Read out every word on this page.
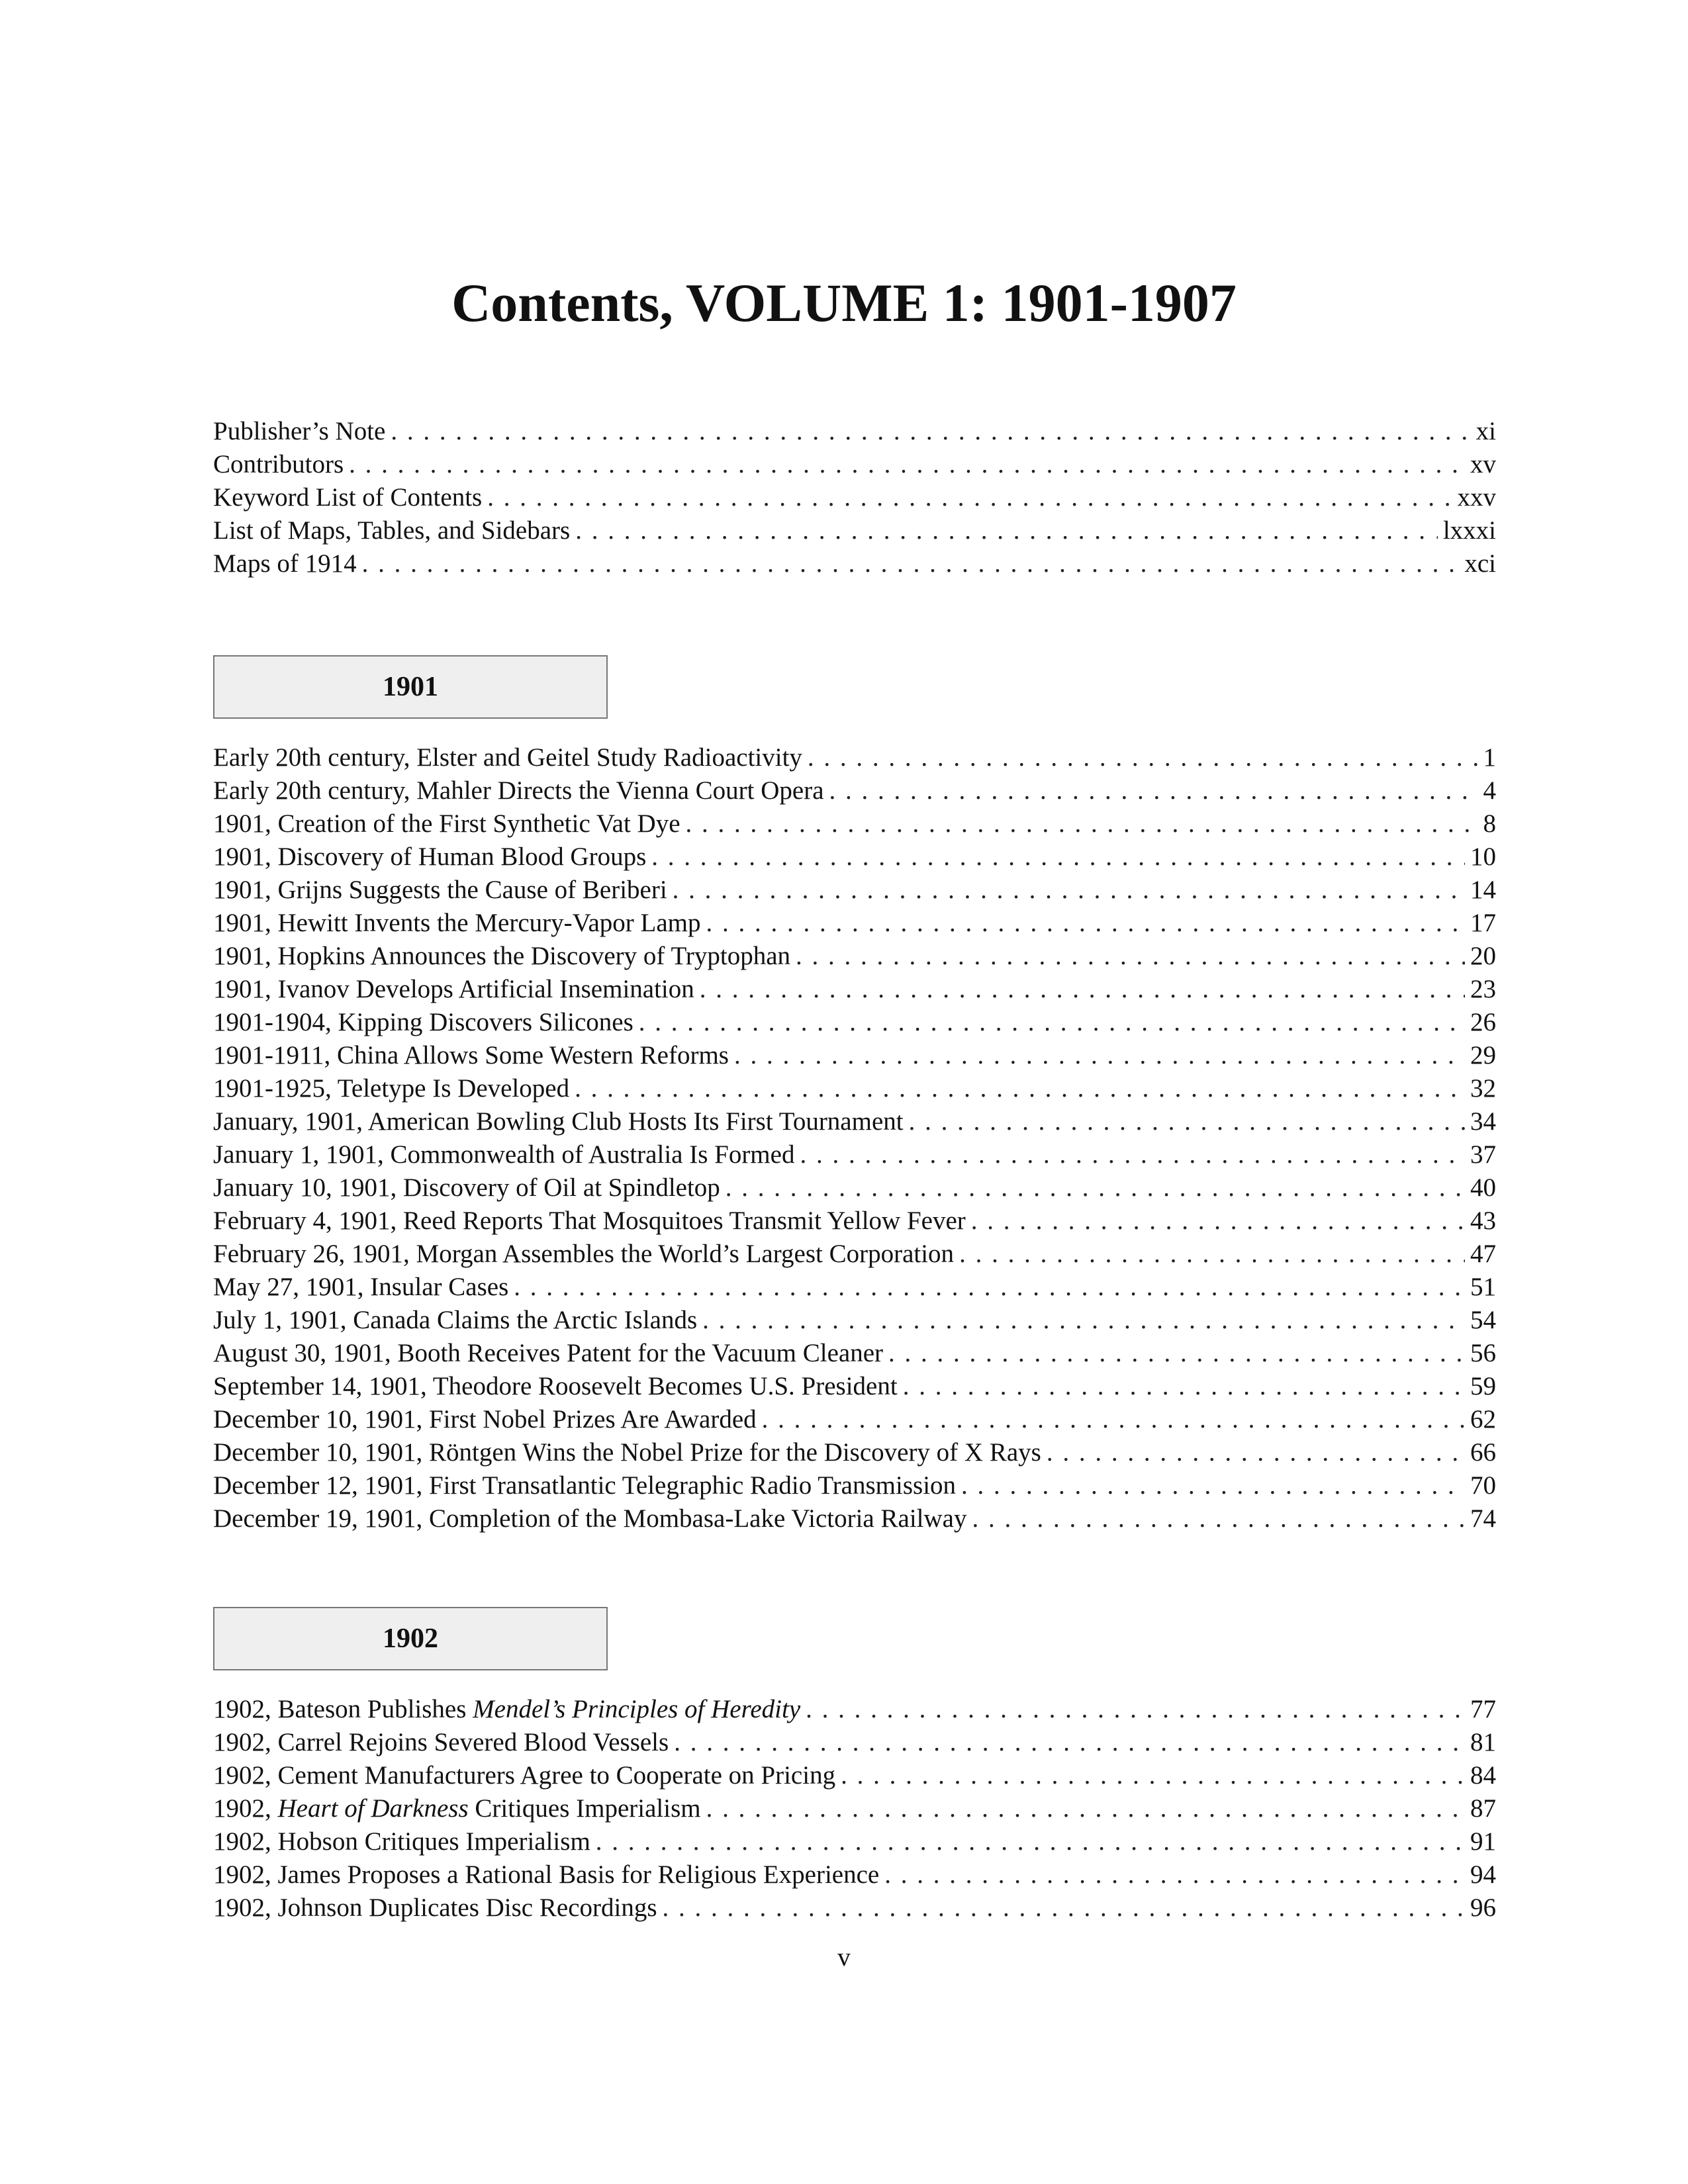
Contents, VOLUME 1: 1901-1907
Publisher’s Note . . .	xi
Contributors . . .	xv
Keyword List of Contents . . .	xxv
List of Maps, Tables, and Sidebars . . .	lxxxi
Maps of 1914 . . .	xci
1901
Early 20th century, Elster and Geitel Study Radioactivity . . .	1
Early 20th century, Mahler Directs the Vienna Court Opera . . .	4
1901, Creation of the First Synthetic Vat Dye . . .	8
1901, Discovery of Human Blood Groups . . .	10
1901, Grijns Suggests the Cause of Beriberi . . .	14
1901, Hewitt Invents the Mercury-Vapor Lamp . . .	17
1901, Hopkins Announces the Discovery of Tryptophan . . .	20
1901, Ivanov Develops Artificial Insemination . . .	23
1901-1904, Kipping Discovers Silicones . . .	26
1901-1911, China Allows Some Western Reforms . . .	29
1901-1925, Teletype Is Developed . . .	32
January, 1901, American Bowling Club Hosts Its First Tournament . . .	34
January 1, 1901, Commonwealth of Australia Is Formed . . .	37
January 10, 1901, Discovery of Oil at Spindletop . . .	40
February 4, 1901, Reed Reports That Mosquitoes Transmit Yellow Fever . . .	43
February 26, 1901, Morgan Assembles the World’s Largest Corporation . . .	47
May 27, 1901, Insular Cases . . .	51
July 1, 1901, Canada Claims the Arctic Islands . . .	54
August 30, 1901, Booth Receives Patent for the Vacuum Cleaner . . .	56
September 14, 1901, Theodore Roosevelt Becomes U.S. President . . .	59
December 10, 1901, First Nobel Prizes Are Awarded . . .	62
December 10, 1901, Röntgen Wins the Nobel Prize for the Discovery of X Rays . . .	66
December 12, 1901, First Transatlantic Telegraphic Radio Transmission . . .	70
December 19, 1901, Completion of the Mombasa-Lake Victoria Railway . . .	74
1902
1902, Bateson Publishes Mendel’s Principles of Heredity . . .	77
1902, Carrel Rejoins Severed Blood Vessels . . .	81
1902, Cement Manufacturers Agree to Cooperate on Pricing . . .	84
1902, Heart of Darkness Critiques Imperialism . . .	87
1902, Hobson Critiques Imperialism . . .	91
1902, James Proposes a Rational Basis for Religious Experience . . .	94
1902, Johnson Duplicates Disc Recordings . . .	96
v
